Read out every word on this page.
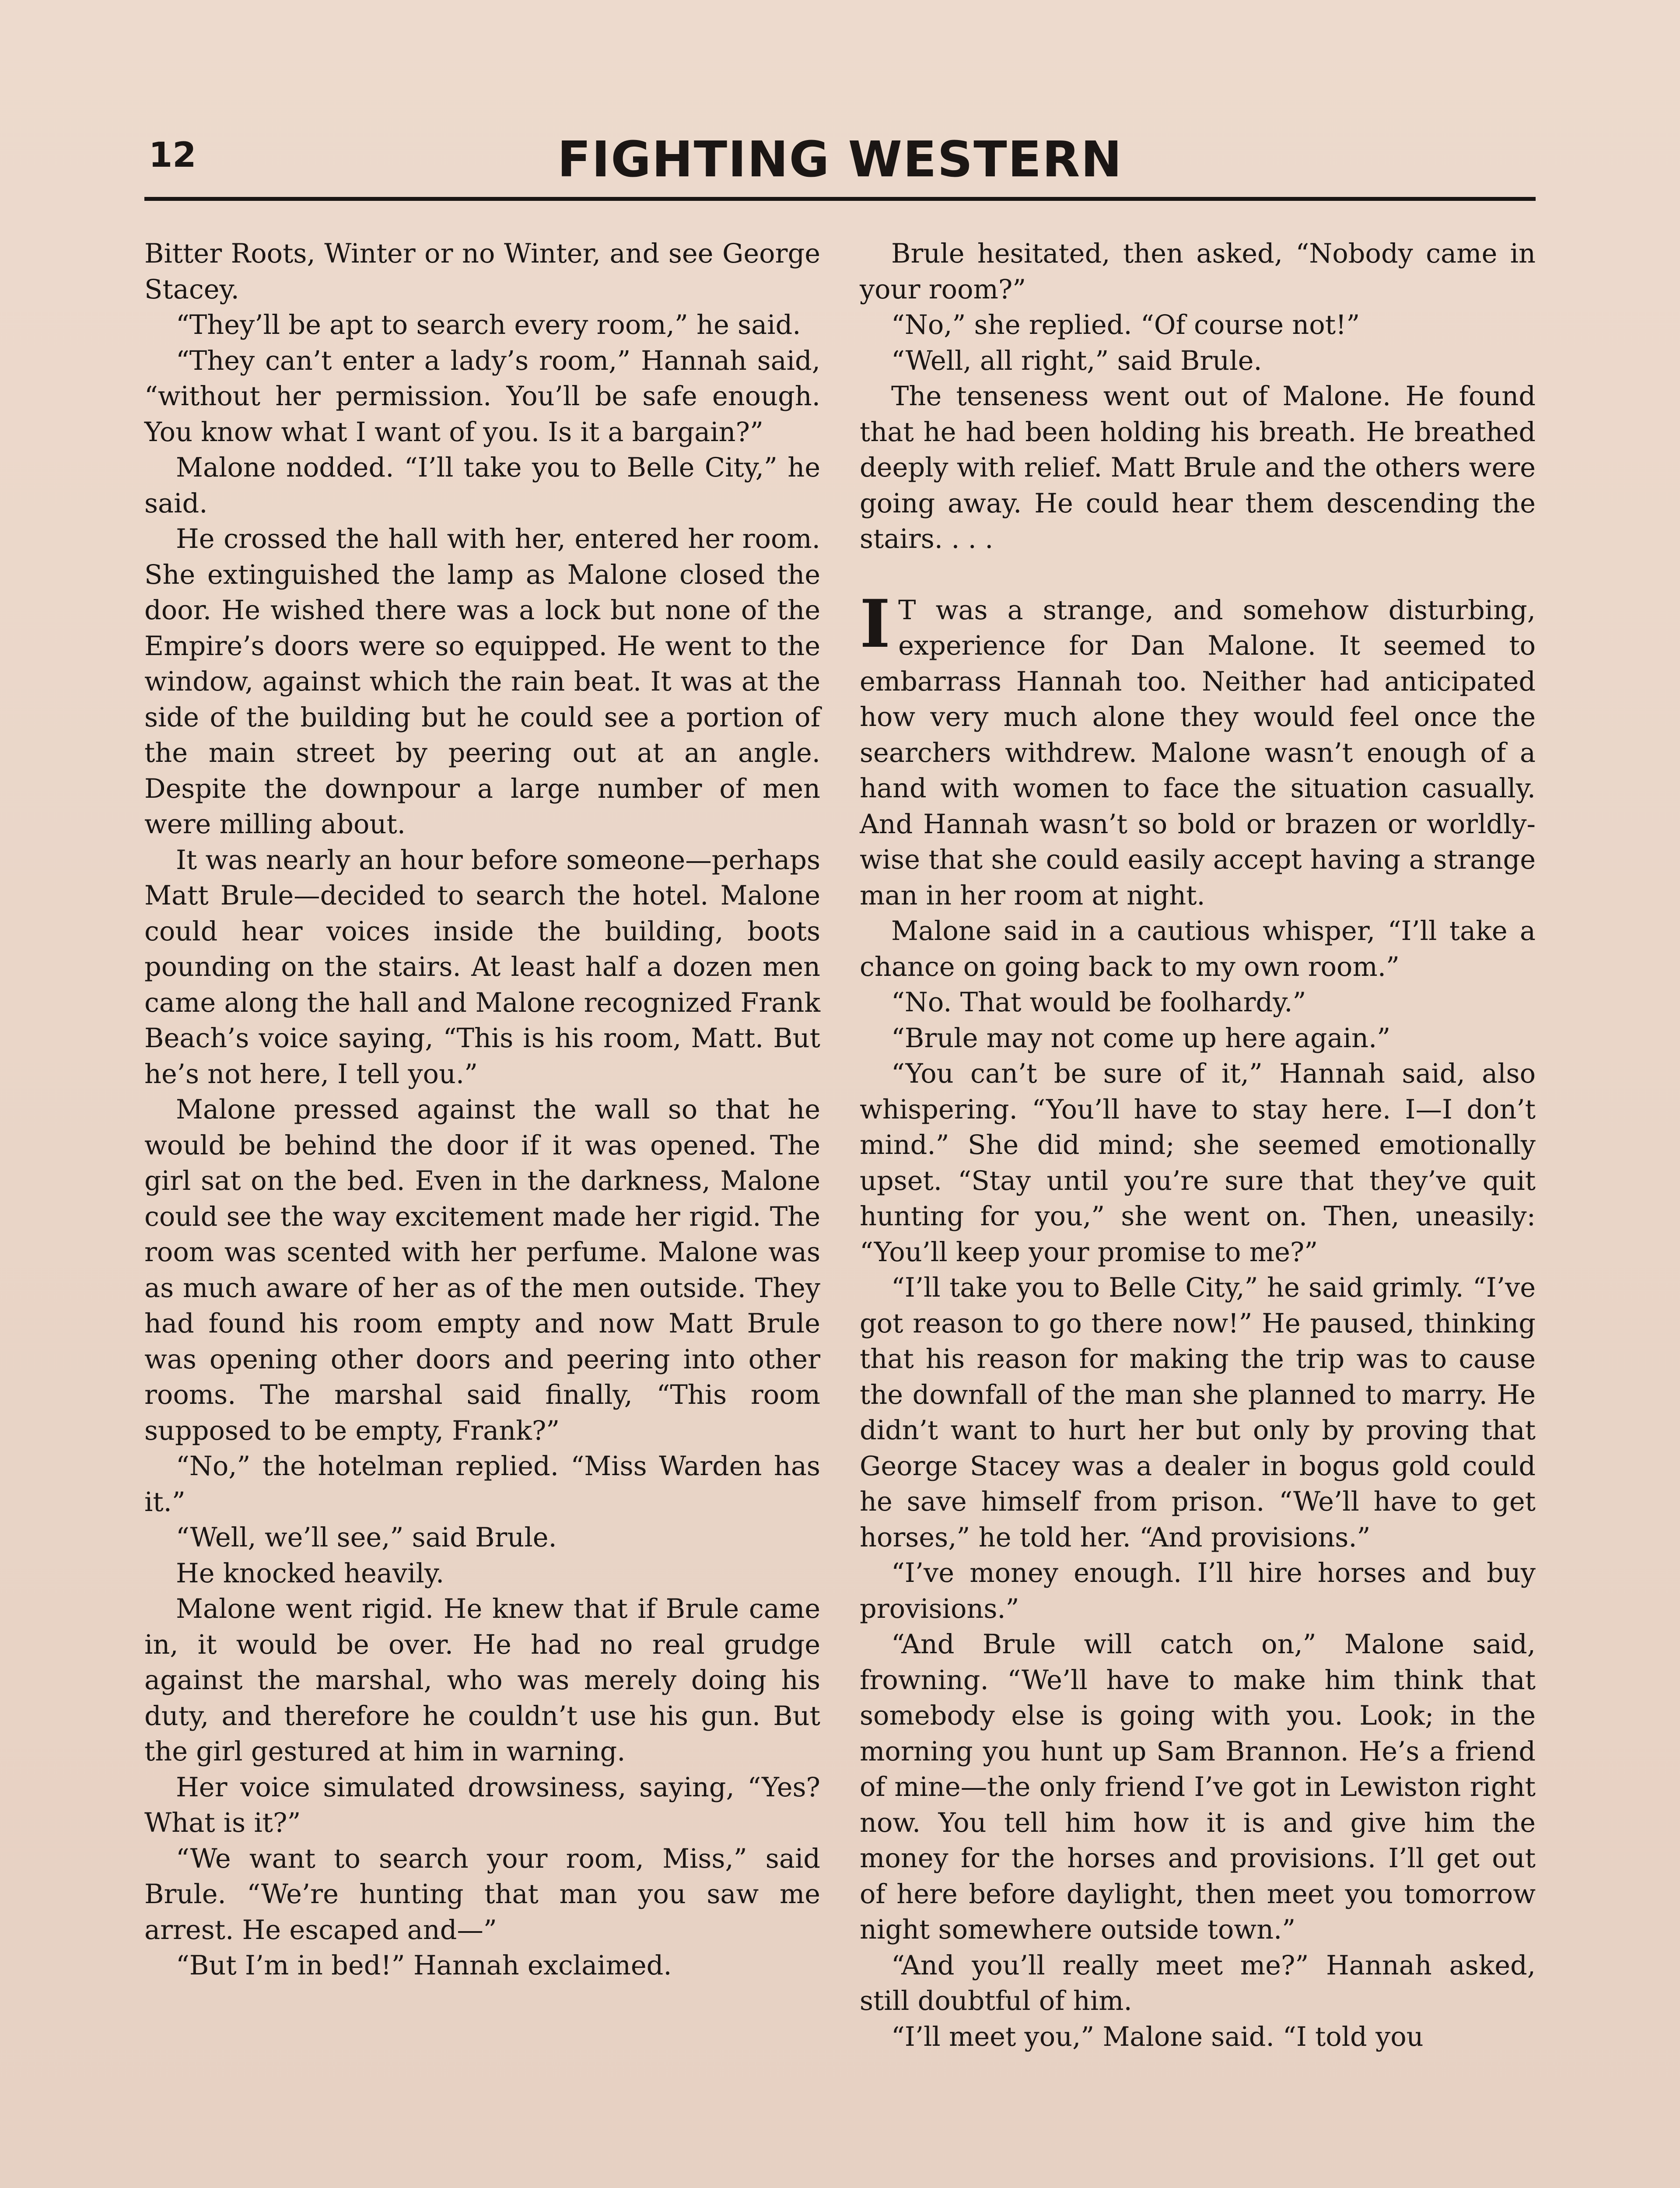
12	FIGHTING WESTERN

Bitter Roots, Winter or no Winter, and see George Stacey.

“They’ll be apt to search every room,” he said.

“They can’t enter a lady’s room,” Hannah said, “without her permission. You’ll be safe enough. You know what I want of you. Is it a bargain?”

Malone nodded. “I’ll take you to Belle City,” he said.

He crossed the hall with her, entered her room. She extinguished the lamp as Malone closed the door. He wished there was a lock but none of the Empire’s doors were so equipped. He went to the window, against which the rain beat. It was at the side of the building but he could see a portion of the main street by peering out at an angle. Despite the downpour a large number of men were milling about.

It was nearly an hour before someone—perhaps Matt Brule—decided to search the hotel. Malone could hear voices inside the building, boots pounding on the stairs. At least half a dozen men came along the hall and Malone recognized Frank Beach’s voice saying, “This is his room, Matt. But he’s not here, I tell you.”

Malone pressed against the wall so that he would be behind the door if it was opened. The girl sat on the bed. Even in the darkness, Malone could see the way excitement made her rigid. The room was scented with her perfume. Malone was as much aware of her as of the men outside. They had found his room empty and now Matt Brule was opening other doors and peering into other rooms. The marshal said finally, “This room supposed to be empty, Frank?”

“No,” the hotelman replied. “Miss Warden has it.”

“Well, we’ll see,” said Brule.

He knocked heavily.

Malone went rigid. He knew that if Brule came in, it would be over. He had no real grudge against the marshal, who was merely doing his duty, and therefore he couldn’t use his gun. But the girl gestured at him in warning.

Her voice simulated drowsiness, saying, “Yes? What is it?”

“We want to search your room, Miss,” said Brule. “We’re hunting that man you saw me arrest. He escaped and—”

“But I’m in bed!” Hannah exclaimed.

Brule hesitated, then asked, “Nobody came in your room?”

“No,” she replied. “Of course not!”

“Well, all right,” said Brule.

The tenseness went out of Malone. He found that he had been holding his breath. He breathed deeply with relief. Matt Brule and the others were going away. He could hear them descending the stairs. . . .

I T was a strange, and somehow disturbing, experience for Dan Malone. It seemed to embarrass Hannah too. Neither had anticipated how very much alone they would feel once the searchers withdrew. Malone wasn’t enough of a hand with women to face the situation casually. And Hannah wasn’t so bold or brazen or worldly-wise that she could easily accept having a strange man in her room at night.

Malone said in a cautious whisper, “I’ll take a chance on going back to my own room.”

“No. That would be foolhardy.”

“Brule may not come up here again.”

“You can’t be sure of it,” Hannah said, also whispering. “You’ll have to stay here. I—I don’t mind.” She did mind; she seemed emotionally upset. “Stay until you’re sure that they’ve quit hunting for you,” she went on. Then, uneasily: “You’ll keep your promise to me?”

“I’ll take you to Belle City,” he said grimly. “I’ve got reason to go there now!” He paused, thinking that his reason for making the trip was to cause the downfall of the man she planned to marry. He didn’t want to hurt her but only by proving that George Stacey was a dealer in bogus gold could he save himself from prison. “We’ll have to get horses,” he told her. “And provisions.”

“I’ve money enough. I’ll hire horses and buy provisions.”

“And Brule will catch on,” Malone said, frowning. “We’ll have to make him think that somebody else is going with you. Look; in the morning you hunt up Sam Brannon. He’s a friend of mine—the only friend I’ve got in Lewiston right now. You tell him how it is and give him the money for the horses and provisions. I’ll get out of here before daylight, then meet you tomorrow night somewhere outside town.”

“And you’ll really meet me?” Hannah asked, still doubtful of him.

“I’ll meet you,” Malone said. “I told you
